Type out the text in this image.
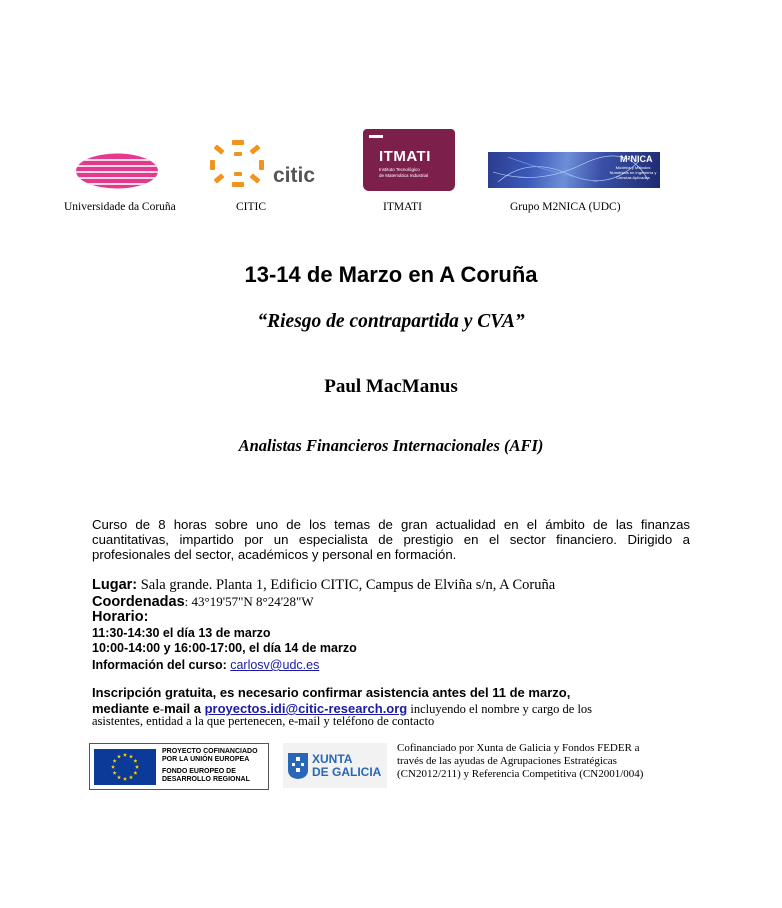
Universidade da Coruña
citic
CITIC
ITMATI
Instituto Tecnológico
de Matemática Industrial
ITMATI
M²NICA
Modelos y Métodos Numéricos en Ingeniería y Ciencias Aplicadas
Grupo M2NICA (UDC)
13-14 de Marzo en A Coruña
“Riesgo de contrapartida y CVA”
Paul MacManus
Analistas Financieros Internacionales (AFI)
Curso de 8 horas sobre uno de los temas de gran actualidad en el ámbito de las finanzas cuantitativas, impartido por un especialista de prestigio en el sector financiero. Dirigido a profesionales del sector, académicos y personal en formación.
Lugar: Sala grande. Planta 1, Edificio CITIC, Campus de Elviña s/n, A Coruña
Coordenadas: 43°19'57"N 8°24'28"W
Horario:
11:30-14:30 el día 13 de marzo
10:00-14:00 y 16:00-17:00, el día 14 de marzo
Información del curso: carlosv@udc.es
Inscripción gratuita, es necesario confirmar asistencia antes del 11 de marzo,
mediante e-mail a proyectos.idi@citic-research.org incluyendo el nombre y cargo de los
asistentes, entidad a la que pertenecen, e-mail y teléfono de contacto
PROYECTO COFINANCIADO
POR LA UNIÓN EUROPEA
FONDO EUROPEO DE
DESARROLLO REGIONAL
XUNTA
DE GALICIA
Cofinanciado por Xunta de Galicia y Fondos FEDER a
través de las ayudas de Agrupaciones Estratégicas
(CN2012/211) y Referencia Competitiva (CN2001/004)
